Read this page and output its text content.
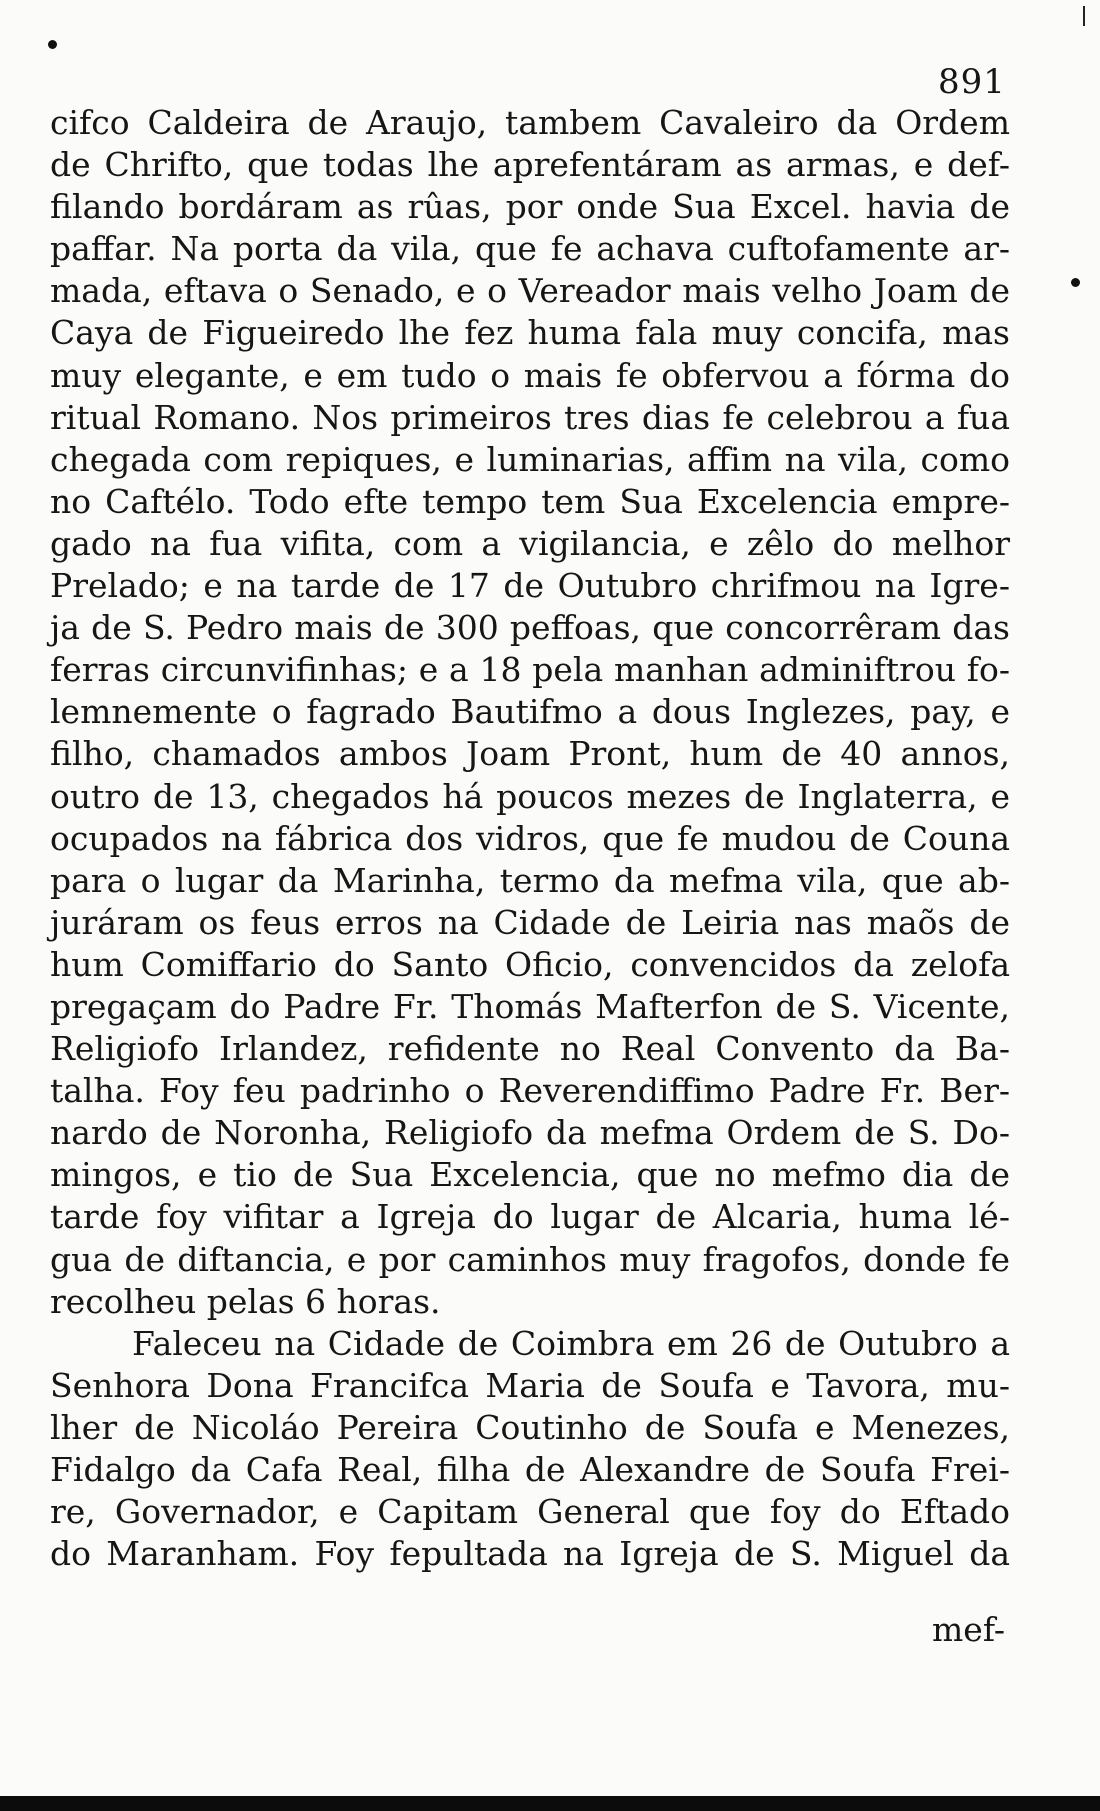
891
cifco Caldeira de Araujo, tambem Cavaleiro da Ordem
de Chrifto, que todas lhe aprefentáram as armas, e def-
filando bordáram as rûas, por onde Sua Excel. havia de
paffar. Na porta da vila, que fe achava cuftofamente ar-
mada, eftava o Senado, e o Vereador mais velho Joam de
Caya de Figueiredo lhe fez huma fala muy concifa, mas
muy elegante, e em tudo o mais fe obfervou a fórma do
ritual Romano. Nos primeiros tres dias fe celebrou a fua
chegada com repiques, e luminarias, affim na vila, como
no Caftélo. Todo efte tempo tem Sua Excelencia empre-
gado na fua vifita, com a vigilancia, e zêlo do melhor
Prelado; e na tarde de 17 de Outubro chrifmou na Igre-
ja de S. Pedro mais de 300 peffoas, que concorrêram das
ferras circunvifinhas; e a 18 pela manhan adminiftrou fo-
lemnemente o fagrado Bautifmo a dous Inglezes, pay, e
filho, chamados ambos Joam Pront, hum de 40 annos,
outro de 13, chegados há poucos mezes de Inglaterra, e
ocupados na fábrica dos vidros, que fe mudou de Couna
para o lugar da Marinha, termo da mefma vila, que ab-
juráram os feus erros na Cidade de Leiria nas maõs de
hum Comiffario do Santo Oficio, convencidos da zelofa
pregaçam do Padre Fr. Thomás Mafterfon de S. Vicente,
Religiofo Irlandez, refidente no Real Convento da Ba-
talha. Foy feu padrinho o Reverendiffimo Padre Fr. Ber-
nardo de Noronha, Religiofo da mefma Ordem de S. Do-
mingos, e tio de Sua Excelencia, que no mefmo dia de
tarde foy vifitar a Igreja do lugar de Alcaria, huma lé-
gua de diftancia, e por caminhos muy fragofos, donde fe
recolheu pelas 6 horas.
Faleceu na Cidade de Coimbra em 26 de Outubro a
Senhora Dona Francifca Maria de Soufa e Tavora, mu-
lher de Nicoláo Pereira Coutinho de Soufa e Menezes,
Fidalgo da Cafa Real, filha de Alexandre de Soufa Frei-
re, Governador, e Capitam General que foy do Eftado
do Maranham. Foy fepultada na Igreja de S. Miguel da
mef-
